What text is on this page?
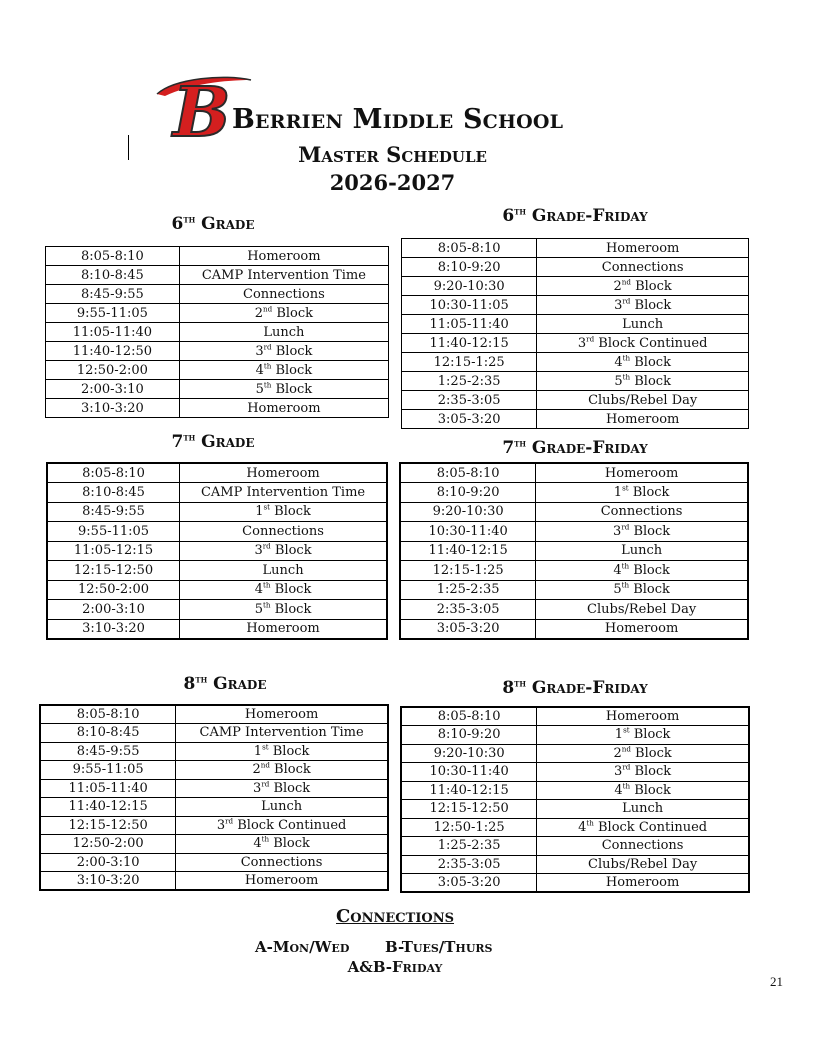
B Berrien Middle School
Master Schedule
2026-2027
6th Grade
8:05-8:10	Homeroom
8:10-8:45	CAMP Intervention Time
8:45-9:55	Connections
9:55-11:05	2nd Block
11:05-11:40	Lunch
11:40-12:50	3rd Block
12:50-2:00	4th Block
2:00-3:10	5th Block
3:10-3:20	Homeroom
6th Grade-Friday
8:05-8:10	Homeroom
8:10-9:20	Connections
9:20-10:30	2nd Block
10:30-11:05	3rd Block
11:05-11:40	Lunch
11:40-12:15	3rd Block Continued
12:15-1:25	4th Block
1:25-2:35	5th Block
2:35-3:05	Clubs/Rebel Day
3:05-3:20	Homeroom
7th Grade
8:05-8:10	Homeroom
8:10-8:45	CAMP Intervention Time
8:45-9:55	1st Block
9:55-11:05	Connections
11:05-12:15	3rd Block
12:15-12:50	Lunch
12:50-2:00	4th Block
2:00-3:10	5th Block
3:10-3:20	Homeroom
7th Grade-Friday
8:05-8:10	Homeroom
8:10-9:20	1st Block
9:20-10:30	Connections
10:30-11:40	3rd Block
11:40-12:15	Lunch
12:15-1:25	4th Block
1:25-2:35	5th Block
2:35-3:05	Clubs/Rebel Day
3:05-3:20	Homeroom
8th Grade
8:05-8:10	Homeroom
8:10-8:45	CAMP Intervention Time
8:45-9:55	1st Block
9:55-11:05	2nd Block
11:05-11:40	3rd Block
11:40-12:15	Lunch
12:15-12:50	3rd Block Continued
12:50-2:00	4th Block
2:00-3:10	Connections
3:10-3:20	Homeroom
8th Grade-Friday
8:05-8:10	Homeroom
8:10-9:20	1st Block
9:20-10:30	2nd Block
10:30-11:40	3rd Block
11:40-12:15	4th Block
12:15-12:50	Lunch
12:50-1:25	4th Block Continued
1:25-2:35	Connections
2:35-3:05	Clubs/Rebel Day
3:05-3:20	Homeroom
Connections
A-Mon/Wed B-Tues/Thurs
A&B-Friday
21
